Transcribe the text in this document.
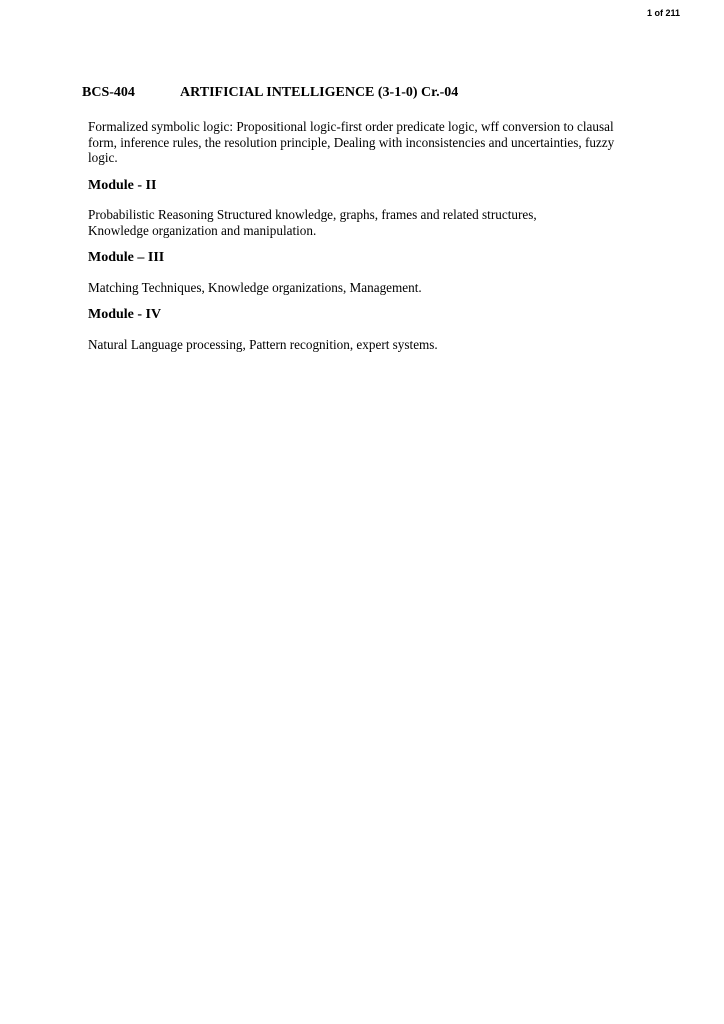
1 of 211
BCS-404	ARTIFICIAL INTELLIGENCE (3-1-0) Cr.-04

Formalized symbolic logic: Propositional logic-first order predicate logic, wff conversion to clausal form, inference rules, the resolution principle, Dealing with inconsistencies and uncertainties, fuzzy logic.

Module - II

Probabilistic Reasoning Structured knowledge, graphs, frames and related structures, Knowledge organization and manipulation.

Module – III

Matching Techniques, Knowledge organizations, Management.

Module - IV

Natural Language processing, Pattern recognition, expert systems.
